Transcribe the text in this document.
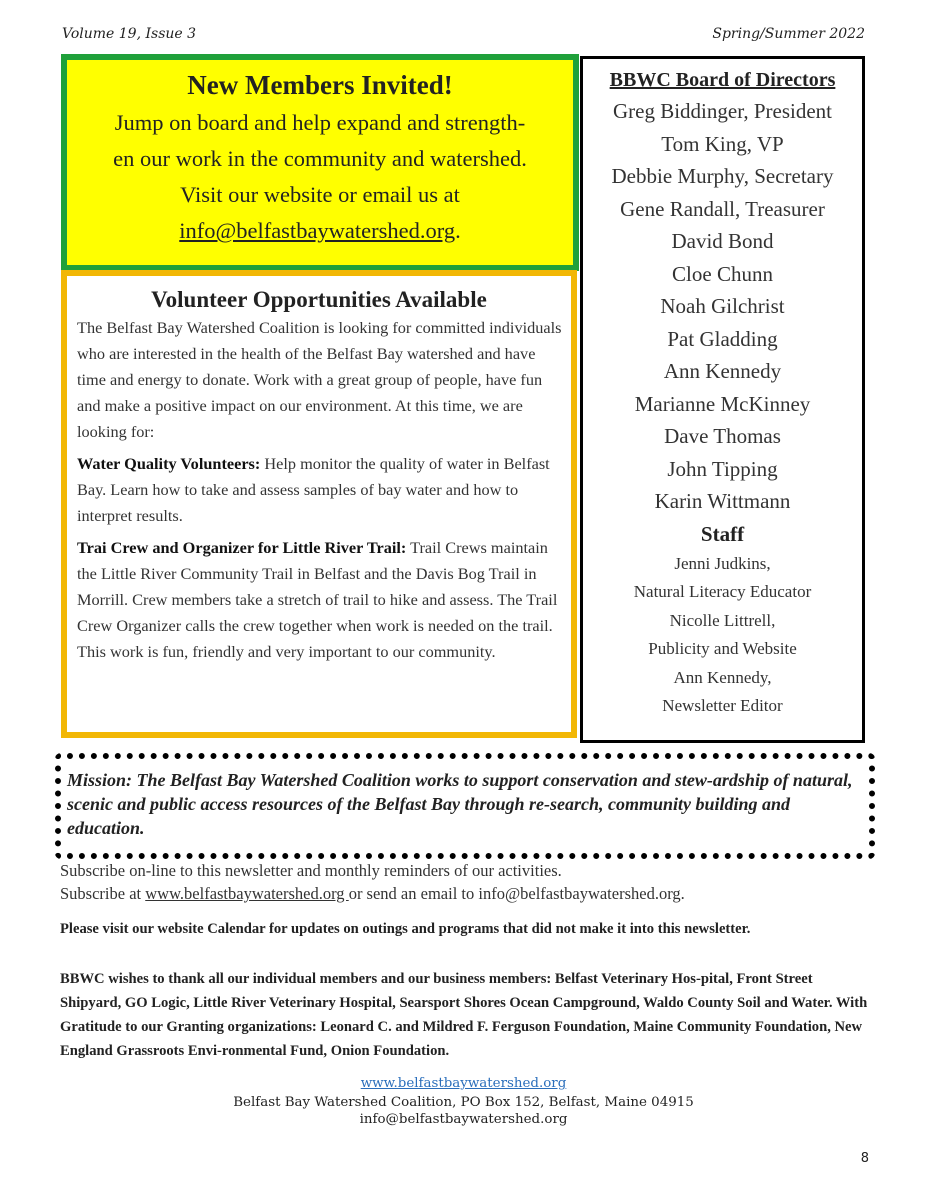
Volume 19, Issue 3	Spring/Summer 2022
New Members Invited!
Jump on board and help expand and strength-
en our work in the community and watershed.
Visit our website or email us at
info@belfastbaywatershed.org.
Volunteer Opportunities Available

The Belfast Bay Watershed Coalition is looking for committed individuals who are interested in the health of the Belfast Bay watershed and have time and energy to donate. Work with a great group of people, have fun and make a positive impact on our environment. At this time, we are looking for:

Water Quality Volunteers: Help monitor the quality of water in Belfast Bay. Learn how to take and assess samples of bay water and how to interpret results.

Trai Crew and Organizer for Little River Trail: Trail Crews maintain the Little River Community Trail in Belfast and the Davis Bog Trail in Morrill. Crew members take a stretch of trail to hike and assess. The Trail Crew Organizer calls the crew together when work is needed on the trail. This work is fun, friendly and very important to our community.

BBWC Board of Directors
Greg Biddinger, President
Tom King, VP
Debbie Murphy, Secretary
Gene Randall, Treasurer
David Bond
Cloe Chunn
Noah Gilchrist
Pat Gladding
Ann Kennedy
Marianne McKinney
Dave Thomas
John Tipping
Karin Wittmann
Staff
Jenni Judkins,
Natural Literacy Educator
Nicolle Littrell,
Publicity and Website
Ann Kennedy,
Newsletter Editor
Mission: The Belfast Bay Watershed Coalition works to support conservation and stew-ardship of natural, scenic and public access resources of the Belfast Bay through re-search, community building and education.
Subscribe on-line to this newsletter and monthly reminders of our activities.
Subscribe at www.belfastbaywatershed.org or send an email to info@belfastbaywatershed.org.
Please visit our website Calendar for updates on outings and programs that did not make it into this newsletter.
BBWC wishes to thank all our individual members and our business members: Belfast Veterinary Hos-pital, Front Street Shipyard, GO Logic, Little River Veterinary Hospital, Searsport Shores Ocean Campground, Waldo County Soil and Water. With Gratitude to our Granting organizations: Leonard C. and Mildred F. Ferguson Foundation, Maine Community Foundation, New England Grassroots Envi-ronmental Fund, Onion Foundation.
www.belfastbaywatershed.org
Belfast Bay Watershed Coalition, PO Box 152, Belfast, Maine 04915
info@belfastbaywatershed.org
8
